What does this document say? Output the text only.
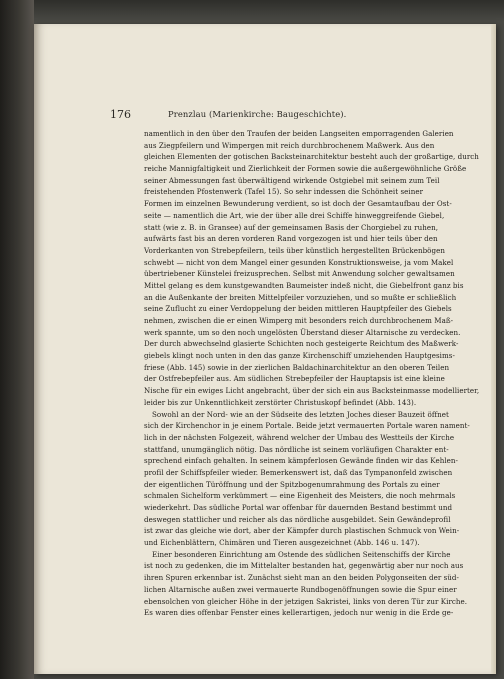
176	Prenzlau (Marienkirche: Baugeschichte).
namentlich in den über den Traufen der beiden Langseiten emporragenden Galerien
aus Ziegpfeilern und Wimpergen mit reich durchbrochenem Maßwerk. Aus den
gleichen Elementen der gotischen Backsteinarchitektur besteht auch der großartige, durch
reiche Mannigfaltigkeit und Zierlichkeit der Formen sowie die außergewöhnliche Größe
seiner Abmessungen fast überwältigend wirkende Ostgiebel mit seinem zum Teil
freistehenden Pfostenwerk (Tafel 15). So sehr indessen die Schönheit seiner
Formen im einzelnen Bewunderung verdient, so ist doch der Gesamtaufbau der Ost-
seite — namentlich die Art, wie der über alle drei Schiffe hinweggreifende Giebel,
statt (wie z. B. in Gransee) auf der gemeinsamen Basis der Chorgiebel zu ruhen,
aufwärts fast bis an deren vorderen Rand vorgezogen ist und hier teils über den
Vorderkanten von Strebepfeilern, teils über künstlich hergestellten Brückenbögen
schwebt — nicht von dem Mangel einer gesunden Konstruktionsweise, ja vom Makel
übertriebener Künstelei freizusprechen. Selbst mit Anwendung solcher gewaltsamen
Mittel gelang es dem kunstgewandten Baumeister indeß nicht, die Giebelfront ganz bis
an die Außenkante der breiten Mittelpfeiler vorzuziehen, und so mußte er schließlich
seine Zuflucht zu einer Verdoppelung der beiden mittleren Hauptpfeiler des Giebels
nehmen, zwischen die er einen Wimperg mit besonders reich durchbrochenem Maß-
werk spannte, um so den noch ungelösten Überstand dieser Altarnische zu verdecken.
Der durch abwechselnd glasierte Schichten noch gesteigerte Reichtum des Maßwerk-
giebels klingt noch unten in den das ganze Kirchenschiff umziehenden Hauptgesims-
friese (Abb. 145) sowie in der zierlichen Baldachinarchitektur an den oberen Teilen
der Ostfrebepfeiler aus. Am südlichen Strebepfeiler der Hauptapsis ist eine kleine
Nische für ein ewiges Licht angebracht, über der sich ein aus Backsteinmasse modellierter,
leider bis zur Unkenntlichkeit zerstörter Christuskopf befindet (Abb. 143).
Sowohl an der Nord- wie an der Südseite des letzten Joches dieser Bauzeit öffnet
sich der Kirchenchor in je einem Portale. Beide jetzt vermauerten Portale waren nament-
lich in der nächsten Folgezeit, während welcher der Umbau des Westteils der Kirche
stattfand, unumgänglich nötig. Das nördliche ist seinem vorläufigen Charakter ent-
sprechend einfach gehalten. In seinem kämpferlosen Gewände finden wir das Kehlen-
profil der Schiffspfeiler wieder. Bemerkenswert ist, daß das Tympanonfeld zwischen
der eigentlichen Türöffnung und der Spitzbogenumrahmung des Portals zu einer
schmalen Sichelform verkümmert — eine Eigenheit des Meisters, die noch mehrmals
wiederkehrt. Das südliche Portal war offenbar für dauernden Bestand bestimmt und
deswegen stattlicher und reicher als das nördliche ausgebildet. Sein Gewändeprofil
ist zwar das gleiche wie dort, aber der Kämpfer durch plastischen Schmuck von Wein-
und Eichenblättern, Chimären und Tieren ausgezeichnet (Abb. 146 u. 147).
Einer besonderen Einrichtung am Ostende des südlichen Seitenschiffs der Kirche
ist noch zu gedenken, die im Mittelalter bestanden hat, gegenwärtig aber nur noch aus
ihren Spuren erkennbar ist. Zunächst sieht man an den beiden Polygonseiten der süd-
lichen Altarnische außen zwei vermauerte Rundbogenöffnungen sowie die Spur einer
ebensolchen von gleicher Höhe in der jetzigen Sakristei, links von deren Tür zur Kirche.
Es waren dies offenbar Fenster eines kellerartigen, jedoch nur wenig in die Erde ge-
